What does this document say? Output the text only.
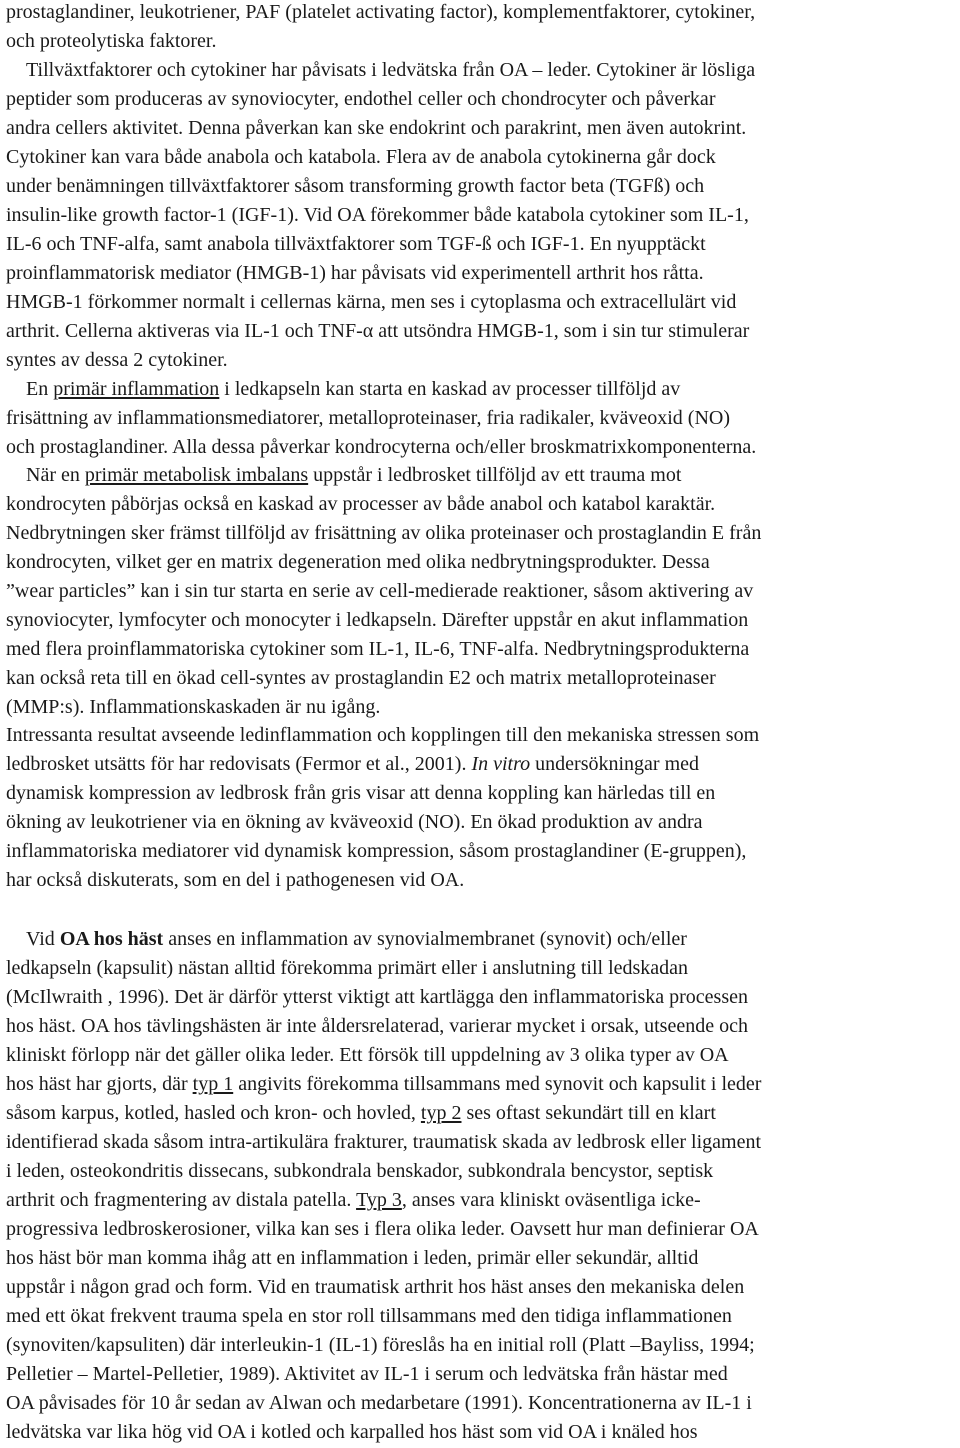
prostaglandiner, leukotriener, PAF (platelet activating factor), komplementfaktorer, cytokiner,
och proteolytiska faktorer.
Tillväxtfaktorer och cytokiner har påvisats i ledvätska från OA – leder. Cytokiner är lösliga
peptider som produceras av synoviocyter, endothel celler och chondrocyter och påverkar
andra cellers aktivitet. Denna påverkan kan ske endokrint och parakrint, men även autokrint.
Cytokiner kan vara både anabola och katabola. Flera av de anabola cytokinerna går dock
under benämningen tillväxtfaktorer såsom transforming growth factor beta (TGFß) och
insulin-like growth factor-1 (IGF-1). Vid OA förekommer både katabola cytokiner som IL-1,
IL-6 och TNF-alfa, samt anabola tillväxtfaktorer som TGF-ß och IGF-1. En nyupptäckt
proinflammatorisk mediator (HMGB-1) har påvisats vid experimentell arthrit hos råtta.
HMGB-1 förkommer normalt i cellernas kärna, men ses i cytoplasma och extracellulärt vid
arthrit. Cellerna aktiveras via IL-1 och TNF-α att utsöndra HMGB-1, som i sin tur stimulerar
syntes av dessa 2 cytokiner.
En primär inflammation i ledkapseln kan starta en kaskad av processer tillföljd av
frisättning av inflammationsmediatorer, metalloproteinaser, fria radikaler, kväveoxid (NO)
och prostaglandiner. Alla dessa påverkar kondrocyterna och/eller broskmatrixkomponenterna.
När en primär metabolisk imbalans uppstår i ledbrosket tillföljd av ett trauma mot
kondrocyten påbörjas också en kaskad av processer av både anabol och katabol karaktär.
Nedbrytningen sker främst tillföljd av frisättning av olika proteinaser och prostaglandin E från
kondrocyten, vilket ger en matrix degeneration med olika nedbrytningsprodukter. Dessa
”wear particles” kan i sin tur starta en serie av cell-medierade reaktioner, såsom aktivering av
synoviocyter, lymfocyter och monocyter i ledkapseln. Därefter uppstår en akut inflammation
med flera proinflammatoriska cytokiner som IL-1, IL-6, TNF-alfa. Nedbrytningsprodukterna
kan också reta till en ökad cell-syntes av prostaglandin E2 och matrix metalloproteinaser
(MMP:s). Inflammationskaskaden är nu igång.
Intressanta resultat avseende ledinflammation och kopplingen till den mekaniska stressen som
ledbrosket utsätts för har redovisats (Fermor et al., 2001). In vitro undersökningar med
dynamisk kompression av ledbrosk från gris visar att denna koppling kan härledas till en
ökning av leukotriener via en ökning av kväveoxid (NO). En ökad produktion av andra
inflammatoriska mediatorer vid dynamisk kompression, såsom prostaglandiner (E-gruppen),
har också diskuterats, som en del i pathogenesen vid OA.
Vid OA hos häst anses en inflammation av synovialmembranet (synovit) och/eller
ledkapseln (kapsulit) nästan alltid förekomma primärt eller i anslutning till ledskadan
(McIlwraith , 1996). Det är därför ytterst viktigt att kartlägga den inflammatoriska processen
hos häst. OA hos tävlingshästen är inte åldersrelaterad, varierar mycket i orsak, utseende och
kliniskt förlopp när det gäller olika leder. Ett försök till uppdelning av 3 olika typer av OA
hos häst har gjorts, där typ 1 angivits förekomma tillsammans med synovit och kapsulit i leder
såsom karpus, kotled, hasled och kron- och hovled, typ 2 ses oftast sekundärt till en klart
identifierad skada såsom intra-artikulära frakturer, traumatisk skada av ledbrosk eller ligament
i leden, osteokondritis dissecans, subkondrala benskador, subkondrala bencystor, septisk
arthrit och fragmentering av distala patella. Typ 3, anses vara kliniskt oväsentliga icke-
progressiva ledbroskerosioner, vilka kan ses i flera olika leder. Oavsett hur man definierar OA
hos häst bör man komma ihåg att en inflammation i leden, primär eller sekundär, alltid
uppstår i någon grad och form. Vid en traumatisk arthrit hos häst anses den mekaniska delen
med ett ökat frekvent trauma spela en stor roll tillsammans med den tidiga inflammationen
(synoviten/kapsuliten) där interleukin-1 (IL-1) föreslås ha en initial roll (Platt –Bayliss, 1994;
Pelletier – Martel-Pelletier, 1989). Aktivitet av IL-1 i serum och ledvätska från hästar med
OA påvisades för 10 år sedan av Alwan och medarbetare (1991). Koncentrationerna av IL-1 i
ledvätska var lika hög vid OA i kotled och karpalled hos häst som vid OA i knäled hos
